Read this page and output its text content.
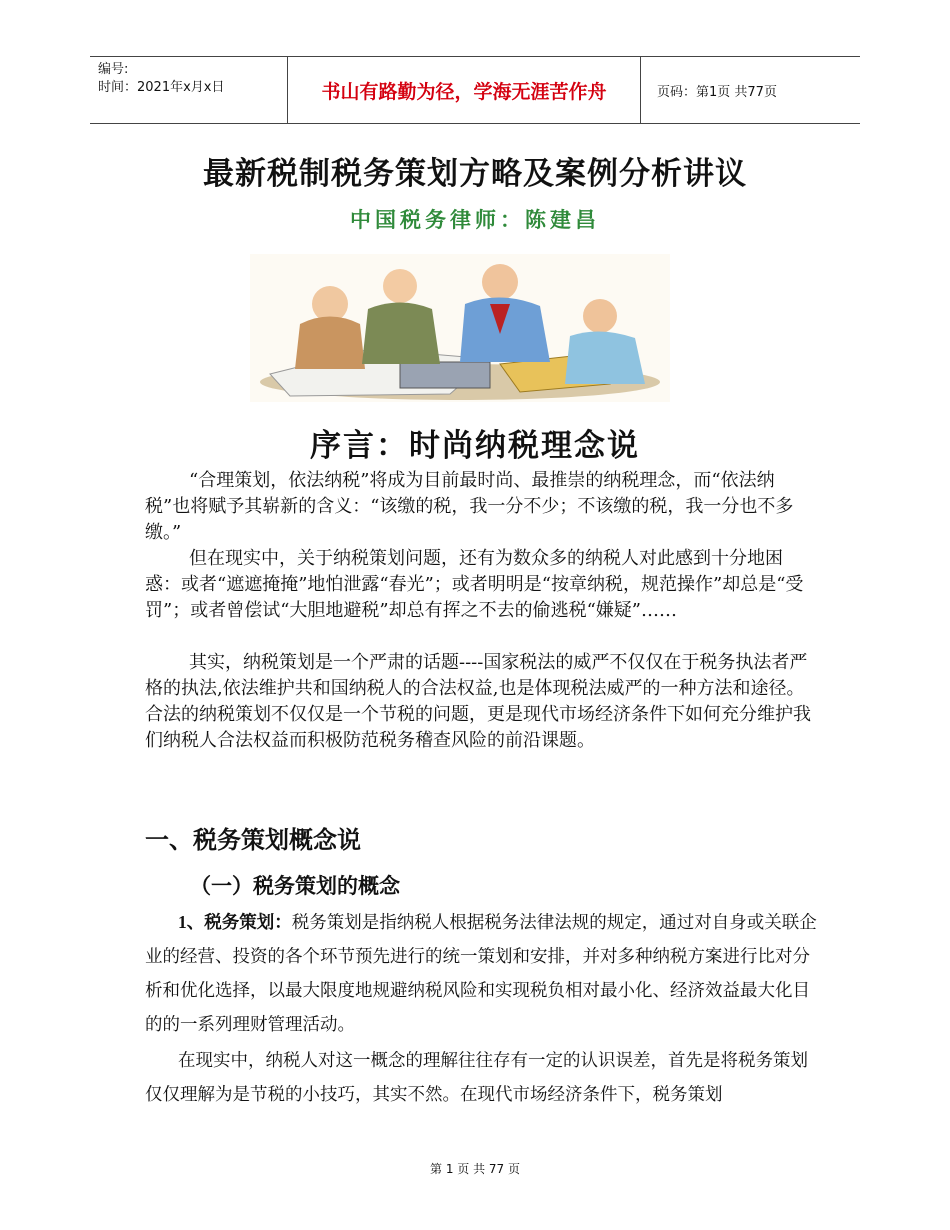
编号:
时间：2021年x月x日	书山有路勤为径，学海无涯苦作舟	页码：第1页 共77页
最新税制税务策划方略及案例分析讲议
中国税务律师：陈建昌
序言：时尚纳税理念说
“合理策划，依法纳税”将成为目前最时尚、最推崇的纳税理念，而“依法纳税”也将赋予其崭新的含义：“该缴的税，我一分不少；不该缴的税，我一分也不多缴。”
但在现实中，关于纳税策划问题，还有为数众多的纳税人对此感到十分地困惑：或者“遮遮掩掩”地怕泄露“春光”；或者明明是“按章纳税，规范操作”却总是“受罚”；或者曾偿试“大胆地避税”却总有挥之不去的偷逃税“嫌疑”……
其实，纳税策划是一个严肃的话题----国家税法的威严不仅仅在于税务执法者严格的执法,依法维护共和国纳税人的合法权益,也是体现税法威严的一种方法和途径。合法的纳税策划不仅仅是一个节税的问题，更是现代市场经济条件下如何充分维护我们纳税人合法权益而积极防范税务稽查风险的前沿课题。
一、税务策划概念说
（一）税务策划的概念
1、税务策划：税务策划是指纳税人根据税务法律法规的规定，通过对自身或关联企业的经营、投资的各个环节预先进行的统一策划和安排，并对多种纳税方案进行比对分析和优化选择，以最大限度地规避纳税风险和实现税负相对最小化、经济效益最大化目的的一系列理财管理活动。
在现实中，纳税人对这一概念的理解往往存有一定的认识误差，首先是将税务策划仅仅理解为是节税的小技巧，其实不然。在现代市场经济条件下，税务策划
第 1 页 共 77 页
